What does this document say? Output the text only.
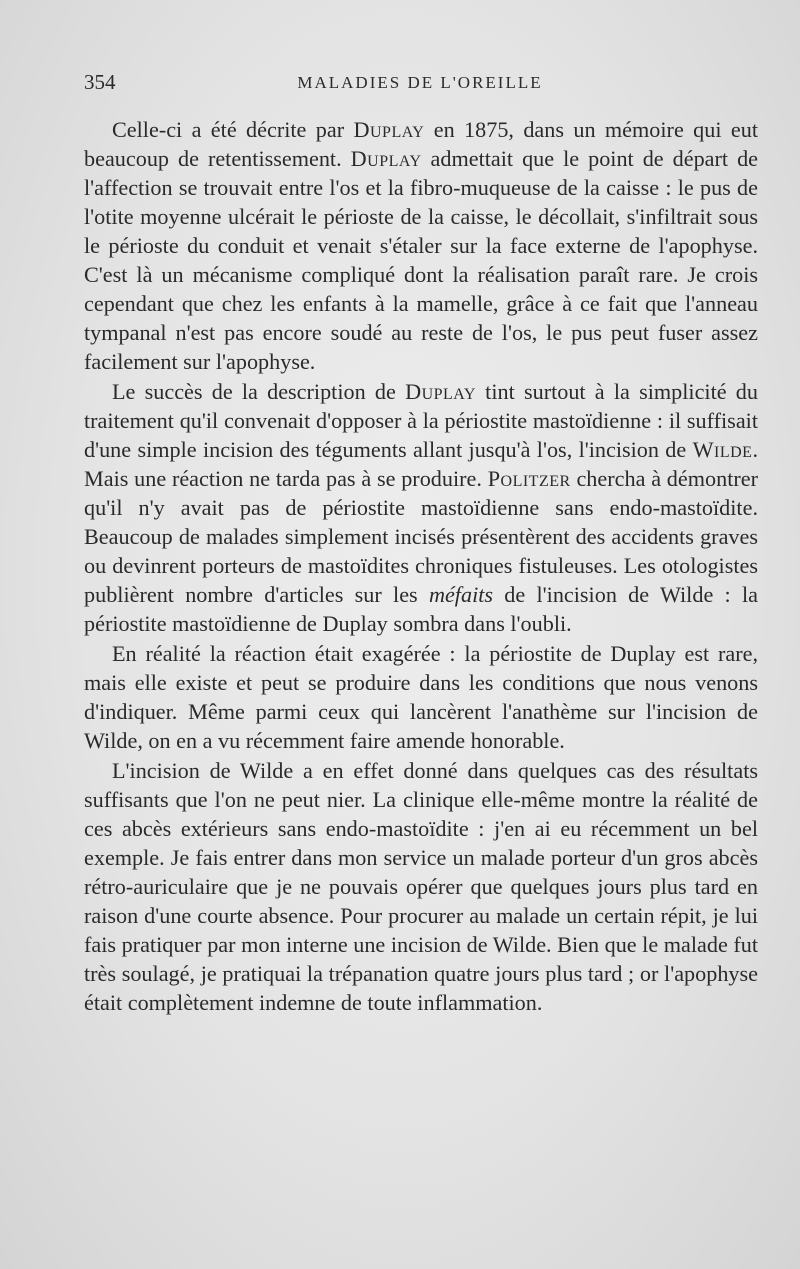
354	MALADIES DE L'OREILLE

Celle-ci a été décrite par Duplay en 1875, dans un mémoire qui eut beaucoup de retentissement. Duplay admettait que le point de départ de l'affection se trouvait entre l'os et la fibro-muqueuse de la caisse : le pus de l'otite moyenne ulcérait le périoste de la caisse, le décollait, s'infiltrait sous le périoste du conduit et venait s'étaler sur la face externe de l'apophyse. C'est là un mécanisme compliqué dont la réalisation paraît rare. Je crois cependant que chez les enfants à la mamelle, grâce à ce fait que l'anneau tympanal n'est pas encore soudé au reste de l'os, le pus peut fuser assez facilement sur l'apophyse.

Le succès de la description de Duplay tint surtout à la simplicité du traitement qu'il convenait d'opposer à la périostite mastoïdienne : il suffisait d'une simple incision des téguments allant jusqu'à l'os, l'incision de Wilde. Mais une réaction ne tarda pas à se produire. Politzer chercha à démontrer qu'il n'y avait pas de périostite mastoïdienne sans endo-mastoïdite. Beaucoup de malades simplement incisés présentèrent des accidents graves ou devinrent porteurs de mastoïdites chroniques fistuleuses. Les otologistes publièrent nombre d'articles sur les méfaits de l'incision de Wilde : la périostite mastoïdienne de Duplay sombra dans l'oubli.

En réalité la réaction était exagérée : la périostite de Duplay est rare, mais elle existe et peut se produire dans les conditions que nous venons d'indiquer. Même parmi ceux qui lancèrent l'anathème sur l'incision de Wilde, on en a vu récemment faire amende honorable.

L'incision de Wilde a en effet donné dans quelques cas des résultats suffisants que l'on ne peut nier. La clinique elle-même montre la réalité de ces abcès extérieurs sans endo-mastoïdite : j'en ai eu récemment un bel exemple. Je fais entrer dans mon service un malade porteur d'un gros abcès rétro-auriculaire que je ne pouvais opérer que quelques jours plus tard en raison d'une courte absence. Pour procurer au malade un certain répit, je lui fais pratiquer par mon interne une incision de Wilde. Bien que le malade fut très soulagé, je pratiquai la trépanation quatre jours plus tard ; or l'apophyse était complètement indemne de toute inflammation.
